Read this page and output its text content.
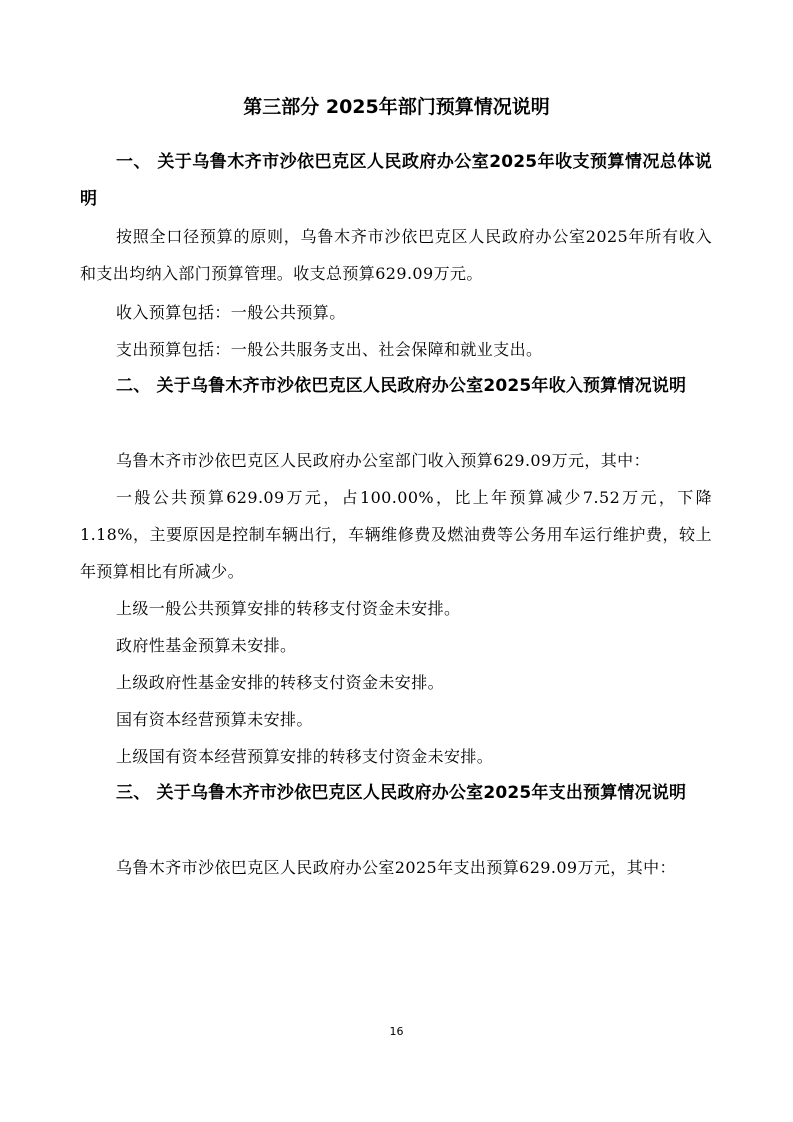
第三部分 2025年部门预算情况说明
一、 关于乌鲁木齐市沙依巴克区人民政府办公室2025年收支预算情况总体说明
按照全口径预算的原则，乌鲁木齐市沙依巴克区人民政府办公室2025年所有收入和支出均纳入部门预算管理。收支总预算629.09万元。
收入预算包括：一般公共预算。
支出预算包括：一般公共服务支出、社会保障和就业支出。
二、 关于乌鲁木齐市沙依巴克区人民政府办公室2025年收入预算情况说明
乌鲁木齐市沙依巴克区人民政府办公室部门收入预算629.09万元，其中：
一般公共预算629.09万元，占100.00%，比上年预算减少7.52万元，下降1.18%，主要原因是控制车辆出行，车辆维修费及燃油费等公务用车运行维护费，较上年预算相比有所减少。
上级一般公共预算安排的转移支付资金未安排。
政府性基金预算未安排。
上级政府性基金安排的转移支付资金未安排。
国有资本经营预算未安排。
上级国有资本经营预算安排的转移支付资金未安排。
三、 关于乌鲁木齐市沙依巴克区人民政府办公室2025年支出预算情况说明
乌鲁木齐市沙依巴克区人民政府办公室2025年支出预算629.09万元，其中：
16
